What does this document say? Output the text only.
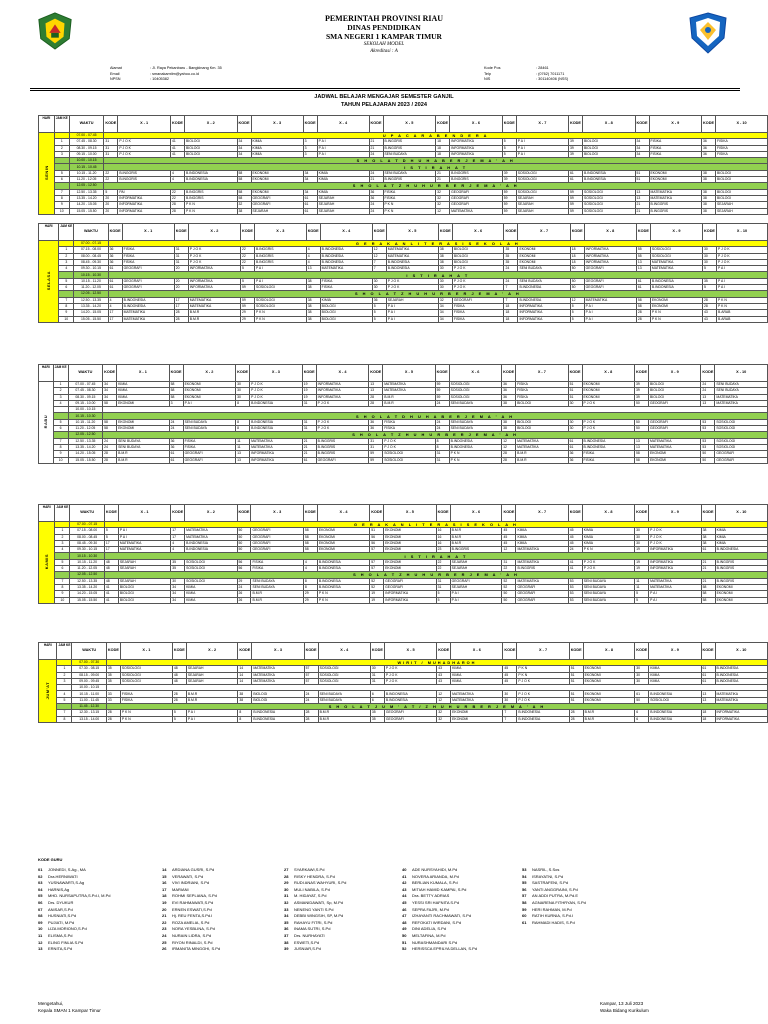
PEMERINTAH PROVINSI RIAU
DINAS PENDIDIKAN
SMA NEGERI 1 KAMPAR TIMUR
SEKOLAH MODEL
Akreditasi : A
Alamat
Email
NPSN
: Jl. Raya Pekanbaru - Bangkinang Km. 35
: smanakamtim@yahoo.co.id
: 10405382
Kode Pos
Telp
NIS
: 28461
: (0762) 7011171
: 301140406 (NSS)
JADWAL BELAJAR MENGAJAR SEMESTER GANJIL
TAHUN PELAJARAN 2023 / 2024
HARI	JAM KE	WAKTU	KODE	X - 1	KODE	X - 2	KODE	X - 3	KODE	X - 4	KODE	X - 5	KODE	X - 6	KODE	X - 7	KODE	X - 8	KODE	X - 9	KODE	X - 10
SENIN		07.00 - 07.45	U P A C A R A B E N D E R A																			
	1	07.45 - 08.30	31	P J O K	41	BIOLOGI	34	KIMIA	3	P A I	21	B.INGGRIS	18	INFORMATIKA	5	P A I	39	BIOLOGI	34	FISIKA	36	FISIKA
	2	08.30 - 09.15	31	P J O K	41	BIOLOGI	34	KIMIA	3	P A I	21	B.INGGRIS	18	INFORMATIKA	5	P A I	39	BIOLOGI	34	FISIKA	36	FISIKA
	3	09.15 - 10.00	31	P J O K	41	BIOLOGI	34	KIMIA	3	P A I	24	SENI BUDAYA	18	INFORMATIKA	5	P A I	39	BIOLOGI	34	FISIKA	36	FISIKA
		10.00 - 10.15	S H O L A T D H U H A B E R J E M A ' A H																			
		10.15 - 10.45	I S T I R A H A T																			
	5	10.15 - 11.20	22	B.INGGRIS	4	B.INDONESIA	58	EKONOMI	34	KIMIA	24	SENI BUDAYA	21	B.INGGRIS	39	SOSIOLOGI	61	B.INDONESIA	51	EKONOMI	38	BIOLOGI
	6	11.20 - 12.05	22	B.INGGRIS	4	B.INDONESIA	58	EKONOMI	34	KIMIA	21	B.INGGRIS	21	B.INGGRIS	39	SOSIOLOGI	61	B.INDONESIA	51	EKONOMI	38	BIOLOGI
		12.05 - 12.50	S H O L A T Z H U H U R B E R J E M A ' A H																			
	7	12.50 - 13.35	5	PAI	22	B.INGGRIS	58	EKONOMI	34	KIMIA	36	FISIKA	32	GEOGRAFI	59	SOSIOLOGI	59	SOSIOLOGI	13	MATEMATIKA	38	BIOLOGI
	8	13.35 - 14.20	20	INFORMATIKA	22	B.INGGRIS	58	GEOGRAFI	61	SEJARAH	36	FISIKA	32	GEOGRAFI	59	SEJARAH	59	SOSIOLOGI	13	MATEMATIKA	38	BIOLOGI
	9	14.20 - 15.05	20	INFORMATIKA	28	P K N	32	GEOGRAFI	61	SEJARAH	24	P K N	32	GEOGRAFI	59	SEJARAH	59	SOSIOLOGI	21	B.INGGRIS	38	SEJARAH
	10	15.05 - 15.50	20	INFORMATIKA	28	P K N	38	SEJARAH	61	SEJARAH	24	P K N	12	MATEMATIKA	59	SEJARAH	59	SOSIOLOGI	21	B.INGGRIS	38	SEJARAH
HARI	JAM KE	WAKTU	KODE	X - 1	KODE	X - 2	KODE	X - 3	KODE	X - 4	KODE	X - 5	KODE	X - 6	KODE	X - 7	KODE	X - 8	KODE	X - 9	KODE	X - 10
SELASA		07.00 - 07.15	G E R A K A N L I T E R A S I S E K O L A H																			
	1	07.15 - 08.00	36	FISIKA	31	P J O K	22	B.INGGRIS	4	B.INDONESIA	12	MATEMATIKA	38	BIOLOGI	35	EKONOMI	18	INFORMATIKA	55	SOSIOLOGI	30	P J O K
	2	08.00 - 08.45	36	FISIKA	31	P J O K	22	B.INGGRIS	4	B.INDONESIA	12	MATEMATIKA	38	BIOLOGI	35	EKONOMI	18	INFORMATIKA	55	SOSIOLOGI	30	P J O K
	3	08.45 - 09.30	36	FISIKA	31	P J O K	22	B.INGGRIS	4	B.INDONESIA	7	B.INDONESIA	38	BIOLOGI	35	EKONOMI	18	INFORMATIKA	13	MATEMATIKA	30	P J O K
	4	09.30 - 10.15	61	GEOGRAFI	20	INFORMATIKA	5	P A I	13	MATEMATIKA	7	B.INDONESIA	30	P J O K	24	SENI BUDAYA	50	GEOGRAFI	13	MATEMATIKA	5	P A I
		10.15 - 10.30	I S T I R A H A T																			
	5	10.15 - 11.20	61	GEOGRAFI	20	INFORMATIKA	5	P A I	38	FISIKA	30	P J O K	30	P J O K	24	SENI BUDAYA	50	GEOGRAFI	61	B.INDONESIA	35	P A I
	6	11.20 - 12.05	61	GEOGRAFI	20	INFORMATIKA	59	SOSIOLOGI	38	FISIKA	30	P J O K	30	P J O K	7	B.INDONESIA	50	GEOGRAFI	61	B.INDONESIA	5	P A I
		12.05 - 12.50	S H O L A T Z H U H U R B E R J E M A ' A H																			
	7	12.50 - 13.35	4	B.INDONESIA	17	MATEMATIKA	59	SOSIOLOGI	38	KIMIA	36	SEJARAH	32	GEOGRAFI	7	B.INDONESIA	12	MATEMATIKA	58	EKONOMI	28	P K N
	8	13.35 - 14.20	4	B.INDONESIA	17	MATEMATIKA	59	SOSIOLOGI	38	BIOLOGI	5	P A I	34	FISIKA	18	INFORMATIKA	5	P A I	58	EKONOMI	28	P K N
	9	14.20 - 15.05	17	MATEMATIKA	28	B.M.R	29	P K N	38	BIOLOGI	5	P A I	34	FISIKA	18	INFORMATIKA	5	P A I	28	P K N	43	B.ARAB
	10	15.05 - 15.50	17	MATEMATIKA	28	B.M.R	29	P K N	38	BIOLOGI	5	P A I	34	FISIKA	18	INFORMATIKA	5	P A I	28	P K N	43	B.ARAB
HARI	JAM KE	WAKTU	KODE	X - 1	KODE	X - 2	KODE	X - 3	KODE	X - 4	KODE	X - 5	KODE	X - 6	KODE	X - 7	KODE	X - 8	KODE	X - 9	KODE	X - 10
RABU	1	07.00 - 07.45	34	KIMIA	58	EKONOMI	30	P J O K	19	INFORMATIKA	13	MATEMATIKA	59	SOSIOLOGI	36	FISIKA	51	EKONOMI	39	BIOLOGI	24	SENI BUDAYA
	2	07.45 - 08.30	34	KIMIA	58	EKONOMI	30	P J O K	19	INFORMATIKA	13	MATEMATIKA	59	SOSIOLOGI	36	FISIKA	51	EKONOMI	39	BIOLOGI	24	SENI BUDAYA
	3	08.30 - 09.15	34	KIMIA	58	EKONOMI	30	P J O K	19	INFORMATIKA	28	B.M.R	59	SOSIOLOGI	36	FISIKA	51	EKONOMI	39	BIOLOGI	13	MATEMATIKA
	4	09.15 - 10.00	58	EKONOMI	3	P A I	8	B.INDONESIA	31	P J O K	28	B.M.R	24	SENI BUDAYA	38	BIOLOGI	30	P J O K	50	GEOGRAFI	13	MATEMATIKA
		10.00 - 10.15																				
		10.15 - 10.30	S H O L A T D H U H A B E R J E M A ' A H																			
	5	10.15 - 11.20	58	EKONOMI	24	SENI BUDAYA	8	B.INDONESIA	31	P J O K	36	FISIKA	24	SENI BUDAYA	38	BIOLOGI	30	P J O K	50	GEOGRAFI	53	SOSIOLOGI
	6	11.20 - 12.05	58	EKONOMI	24	SENI BUDAYA	8	B.INDONESIA	31	P J O K	36	FISIKA	24	SENI BUDAYA	38	BIOLOGI	30	P J O K	50	GEOGRAFI	53	SOSIOLOGI
		12.05 - 12.50	S H O L A T Z H U H U R B E R J E M A ' A H																			
	7	12.50 - 13.35	24	SENI BUDAYA	36	FISIKA	11	MATEMATIKA	21	B.INGGRIS	31	P J O K	8	B.INDONESIA	12	MATEMATIKA	61	B.INDONESIA	13	MATEMATIKA	53	SOSIOLOGI
	8	13.35 - 14.20	24	SENI BUDAYA	36	FISIKA	11	MATEMATIKA	21	B.INGGRIS	31	P J O K	8	B.INDONESIA	12	MATEMATIKA	61	B.INDONESIA	13	MATEMATIKA	53	SOSIOLOGI
	9	14.20 - 15.05	28	B.M.R	61	GEOGRAFI	13	INFORMATIKA	21	B.INGGRIS	59	SOSIOLOGI	31	P K N	28	B.M.R	36	FISIKA	58	EKONOMI	50	GEOGRAFI
	10	15.05 - 15.50	28	B.M.R	61	GEOGRAFI	13	INFORMATIKA	61	GEOGRAFI	59	SOSIOLOGI	31	P K N	28	B.M.R	36	FISIKA	58	EKONOMI	50	GEOGRAFI
HARI	JAM KE	WAKTU	KODE	X - 1	KODE	X - 2	KODE	X - 3	KODE	X - 4	KODE	X - 5	KODE	X - 6	KODE	X - 7	KODE	X - 8	KODE	X - 9	KODE	X - 10
KAMIS		07.00 - 07.15	G E R A K A N L I T E R A S I S E K O L A H																			
	1	07.15 - 08.00	5	P A I	17	MATEMATIKA	50	GEOGRAFI	58	EKONOMI	51	EKONOMI	16	B.M.R	45	KIMIA	45	KIMIA	30	P J O K	38	KIMIA
	2	08.00 - 08.45	5	P A I	17	MATEMATIKA	50	GEOGRAFI	58	EKONOMI	56	EKONOMI	16	B.M.R	45	KIMIA	45	KIMIA	30	P J O K	38	KIMIA
	3	08.45 - 09.30	17	MATEMATIKA	4	B.INDONESIA	50	GEOGRAFI	58	EKONOMI	56	EKONOMI	16	B.M.R	45	KIMIA	45	KIMIA	30	P J O K	38	KIMIA
	4	09.30 - 10.15	17	MATEMATIKA	4	B.INDONESIA	50	GEOGRAFI	58	EKONOMI	57	EKONOMI	23	B.INGGRIS	12	MATEMATIKA	24	P K N	19	INFORMATIKA	61	B.INDONESIA
		10.15 - 10.30	I S T I R A H A T																			
	5	10.15 - 11.20	48	SEJARAH	35	SOSIOLOGI	56	FISIKA	4	B.INDONESIA	57	EKONOMI	22	SEJARAH	31	MATEMATIKA	41	P J O K	19	INFORMATIKA	21	B.INGGRIS
	6	11.20 - 12.05	48	SEJARAH	35	SOSIOLOGI	56	FISIKA	4	B.INDONESIA	57	EKONOMI	22	SEJARAH	22	B.INGGRIS	41	P J O K	19	INFORMATIKA	21	B.INGGRIS
		12.05 - 12.50	S H O L A T Z H U H U R B E R J E M A ' A H																			
	7	12.50 - 13.35	48	SEJARAH	30	SOSIOLOGI	29	SENI BUDAYA	8	B.INDONESIA	52	GEOGRAFI	31	GEOGRAFI	52	MATEMATIKA	53	SENI BUDAYA	11	MATEMATIKA	21	B.INGGRIS
	8	13.35 - 14.20	41	BIOLOGI	34	KIMIA	24	SENI BUDAYA	8	B.INDONESIA	52	GEOGRAFI	31	SEJARAH	52	GEOGRAFI	53	SENI BUDAYA	11	MATEMATIKA	58	EKONOMI
	9	14.20 - 15.05	41	BIOLOGI	34	KIMIA	26	B.M.R	29	P K N	19	INFORMATIKA	5	P A I	50	GEOGRAFI	53	SENI BUDAYA	5	P A I	58	EKONOMI
	10	15.05 - 15.50	41	BIOLOGI	34	KIMIA	26	B.M.R	29	P K N	19	INFORMATIKA	5	P A I	50	GEOGRAFI	53	SENI BUDAYA	5	P A I	58	EKONOMI
HARI	JAM KE	WAKTU	KODE	X - 1	KODE	X - 2	KODE	X - 3	KODE	X - 4	KODE	X - 5	KODE	X - 6	KODE	X - 7	KODE	X - 8	KODE	X - 9	KODE	X - 10
JUM'AT		07.00 - 07.30	WIRIT / MUHADHAROH																			
	1	07.30 - 08.15	35	SOSIOLOGI	48	SEJARAH	14	MATEMATIKA	57	SOSIOLOGI	30	P J O K	43	KIMIA	45	P K N	51	EKONOMI	30	KIMIA	61	B.INDONESIA
	2	08.15 - 09.00	35	SOSIOLOGI	48	SEJARAH	14	MATEMATIKA	57	SOSIOLOGI	31	P J O K	43	KIMIA	45	P K N	51	EKONOMI	30	KIMIA	61	B.INDONESIA
	3	09.00 - 09.45	35	SOSIOLOGI	48	SEJARAH	14	MATEMATIKA	57	SOSIOLOGI	31	P J O K	43	KIMIA	45	P J O K	51	EKONOMI	30	KIMIA	61	B.INDONESIA
		10.00 - 10.15																				
	4	10.15 - 11.00	33	FISIKA	28	B.M.R	38	BIOLOGI	24	SENI BUDAYA	6	B.INDONESIA	12	MATEMATIKA	30	P J O K	51	EKONOMI	61	B.INDONESIA	13	MATEMATIKA
	5	11.00 - 11.45	33	FISIKA	28	B.M.R	38	BIOLOGI	24	SENI BUDAYA	6	B.INDONESIA	12	MATEMATIKA	30	P J O K	51	EKONOMI	50	SOSIOLOGI	13	MATEMATIKA
		11.45 - 12.30	S H O L A T J U M ' A T / Z H U H U R B E R J E M A ' A H																			
	7	12.30 - 13.15	28	P K N	5	P A I	8	B.INDONESIA	28	B.M.R	35	GEOGRAFI	32	EKONOMI	7	B.INDONESIA	28	B.M.R	6	B.INDONESIA	18	INFORMATIKA
	8	13.15 - 14.00	28	P K N	5	P A I	8	B.INDONESIA	28	B.M.R	35	GEOGRAFI	32	EKONOMI	7	B.INDONESIA	28	B.M.R	6	B.INDONESIA	18	INFORMATIKA
KODE GURU
01 JONNEDI, S.Ag., MA
02 Dra.HERNIWATI
03 YUSNAWARTI,S.Ag
04 HARNIS,Ag
05 MHD. NURSAPUTRA,S.Pd.I, M.Pd
06 Drs. DYUKUR
07 ANISAR,S.Pd
08 HUSNIATI,S.Pd
09 PUJIATI, M.Pd
10 LIZA MORIONO,S.Pd
11 ELISMA,S.Pd
12 ELING FINLIA S.Pd
13 ERNITA,S.Pd
14 ARDIANA GUSRI, S.Pd
15 VERAWATI, S.Pd
16 VIVI INDRIANI, S.Pd
17 MARIANI
18 ROHMI SEPLIANA, S.Pd
19 EVI RAHMAWATI,S.Pd
20 ERNEN ESWATI,S.Pd
21 Hj. REU FENTA,S.Pd.I
22 ROZA AMELIA, S.Pd
23 NORA YESBLINA, S.Pd
24 NURAIN LIDRA, S.Pd
25 RIYON RINALDI, S.Pd
26 IRMANITA MINGGHI, S.Pd
27 SYARKAWI,S.Pd
28 RISKY HENDRA, S.Pd
29 RUDI ANAS WAHYURI, S.Pd
30 MULI NABILA, S.Pd
31 M. HIDAYAT, S.Pd
32 ASMANIDAWATI, Sp, M.Pd
33 NENENG YANTI S.Pd
34 DEBBI WINGSIH, SP, M.Pd
35 RAHAYU FITRI, S.Pd
36 INAMA SUTRI, S.Pd
37 Drs. NURHAYATI
38 ESWETI,S.Pd
39 JUSNIAR,S.Pd
40 ADE NURSYAHIDI, M.Pd
41 NOVERA ARIANDA, M.Pd
42 BERLIAN KUMALA, S.Pd
43 MITIAH HAMID KAMPAI, S.Pd
44 Dra. BETTY ADRIAS
45 YESSI SRI HAFNITA S.Pd
46 SEPRA FAJRI, M.Pd
47 IZHAYANTI RACHMAWATI, S.Pd
48 REFOKATI WIRDANI, S.Pd
49 DINI ADELIA, S.Pd
50 MELTAFINA, M.Pd
51 NURASHMANDARI S.Pd
52 HERISSCA EPRILYA DELLAN, S.Pd
53 NASRIL, S.Sos
54 ISRAYATNI, S.Pd
55 SASTRAFENI, S.Pd
56 YANTI ANGGRAINI, S.Pd
57 AN ADDI PUTRA, M.Pd.E
58 AGNARENA FITHRYAN, S.Pd
59 HERI RAHMAN, M.Pd
60 RATIH KURNIA, S.Pd.I
61 RAHMADI HADIS, S.Pd
Mengetahui,
Kepala SMAN 1 Kampar Timur
Kampar, 13 Juli 2023
Waka Bidang Kurikulum
